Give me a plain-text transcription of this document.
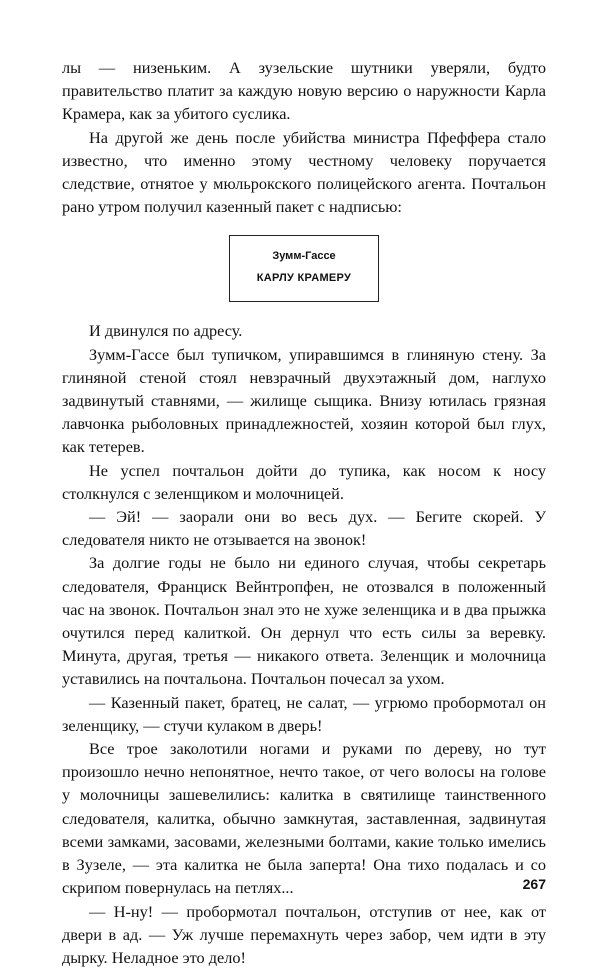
лы — низеньким. А зузельские шутники уверяли, будто правительство платит за каждую новую версию о наружности Карла Крамера, как за убитого суслика.

На другой же день после убийства министра Пфеффера стало известно, что именно этому честному человеку поручается следствие, отнятое у мюльрокского полицейского агента. Почтальон рано утром получил казенный пакет с надписью:

Зумм-Гассе
КАРЛУ КРАМЕРУ

И двинулся по адресу.

Зумм-Гассе был тупичком, упиравшимся в глиняную стену. За глиняной стеной стоял невзрачный двухэтажный дом, наглухо задвинутый ставнями, — жилище сыщика. Внизу ютилась грязная лавчонка рыболовных принадлежностей, хозяин которой был глух, как тетерев.

Не успел почтальон дойти до тупика, как носом к носу столкнулся с зеленщиком и молочницей.

— Эй! — заорали они во весь дух. — Бегите скорей. У следователя никто не отзывается на звонок!

За долгие годы не было ни единого случая, чтобы секретарь следователя, Франциск Вейнтропфен, не отозвался в положенный час на звонок. Почтальон знал это не хуже зеленщика и в два прыжка очутился перед калиткой. Он дернул что есть силы за веревку. Минута, другая, третья — никакого ответа. Зеленщик и молочница уставились на почтальона. Почтальон почесал за ухом.

— Казенный пакет, братец, не салат, — угрюмо пробормотал он зеленщику, — стучи кулаком в дверь!

Все трое заколотили ногами и руками по дереву, но тут произошло нечно непонятное, нечто такое, от чего волосы на голове у молочницы зашевелились: калитка в святилище таинственного следователя, калитка, обычно замкнутая, заставленная, задвинутая всеми замками, засовами, железными болтами, какие только имелись в Зузеле, — эта калитка не была заперта! Она тихо подалась и со скрипом повернулась на петлях...

— Н-ну! — пробормотал почтальон, отступив от нее, как от двери в ад. — Уж лучше перемахнуть через забор, чем идти в эту дырку. Неладное это дело!

267
